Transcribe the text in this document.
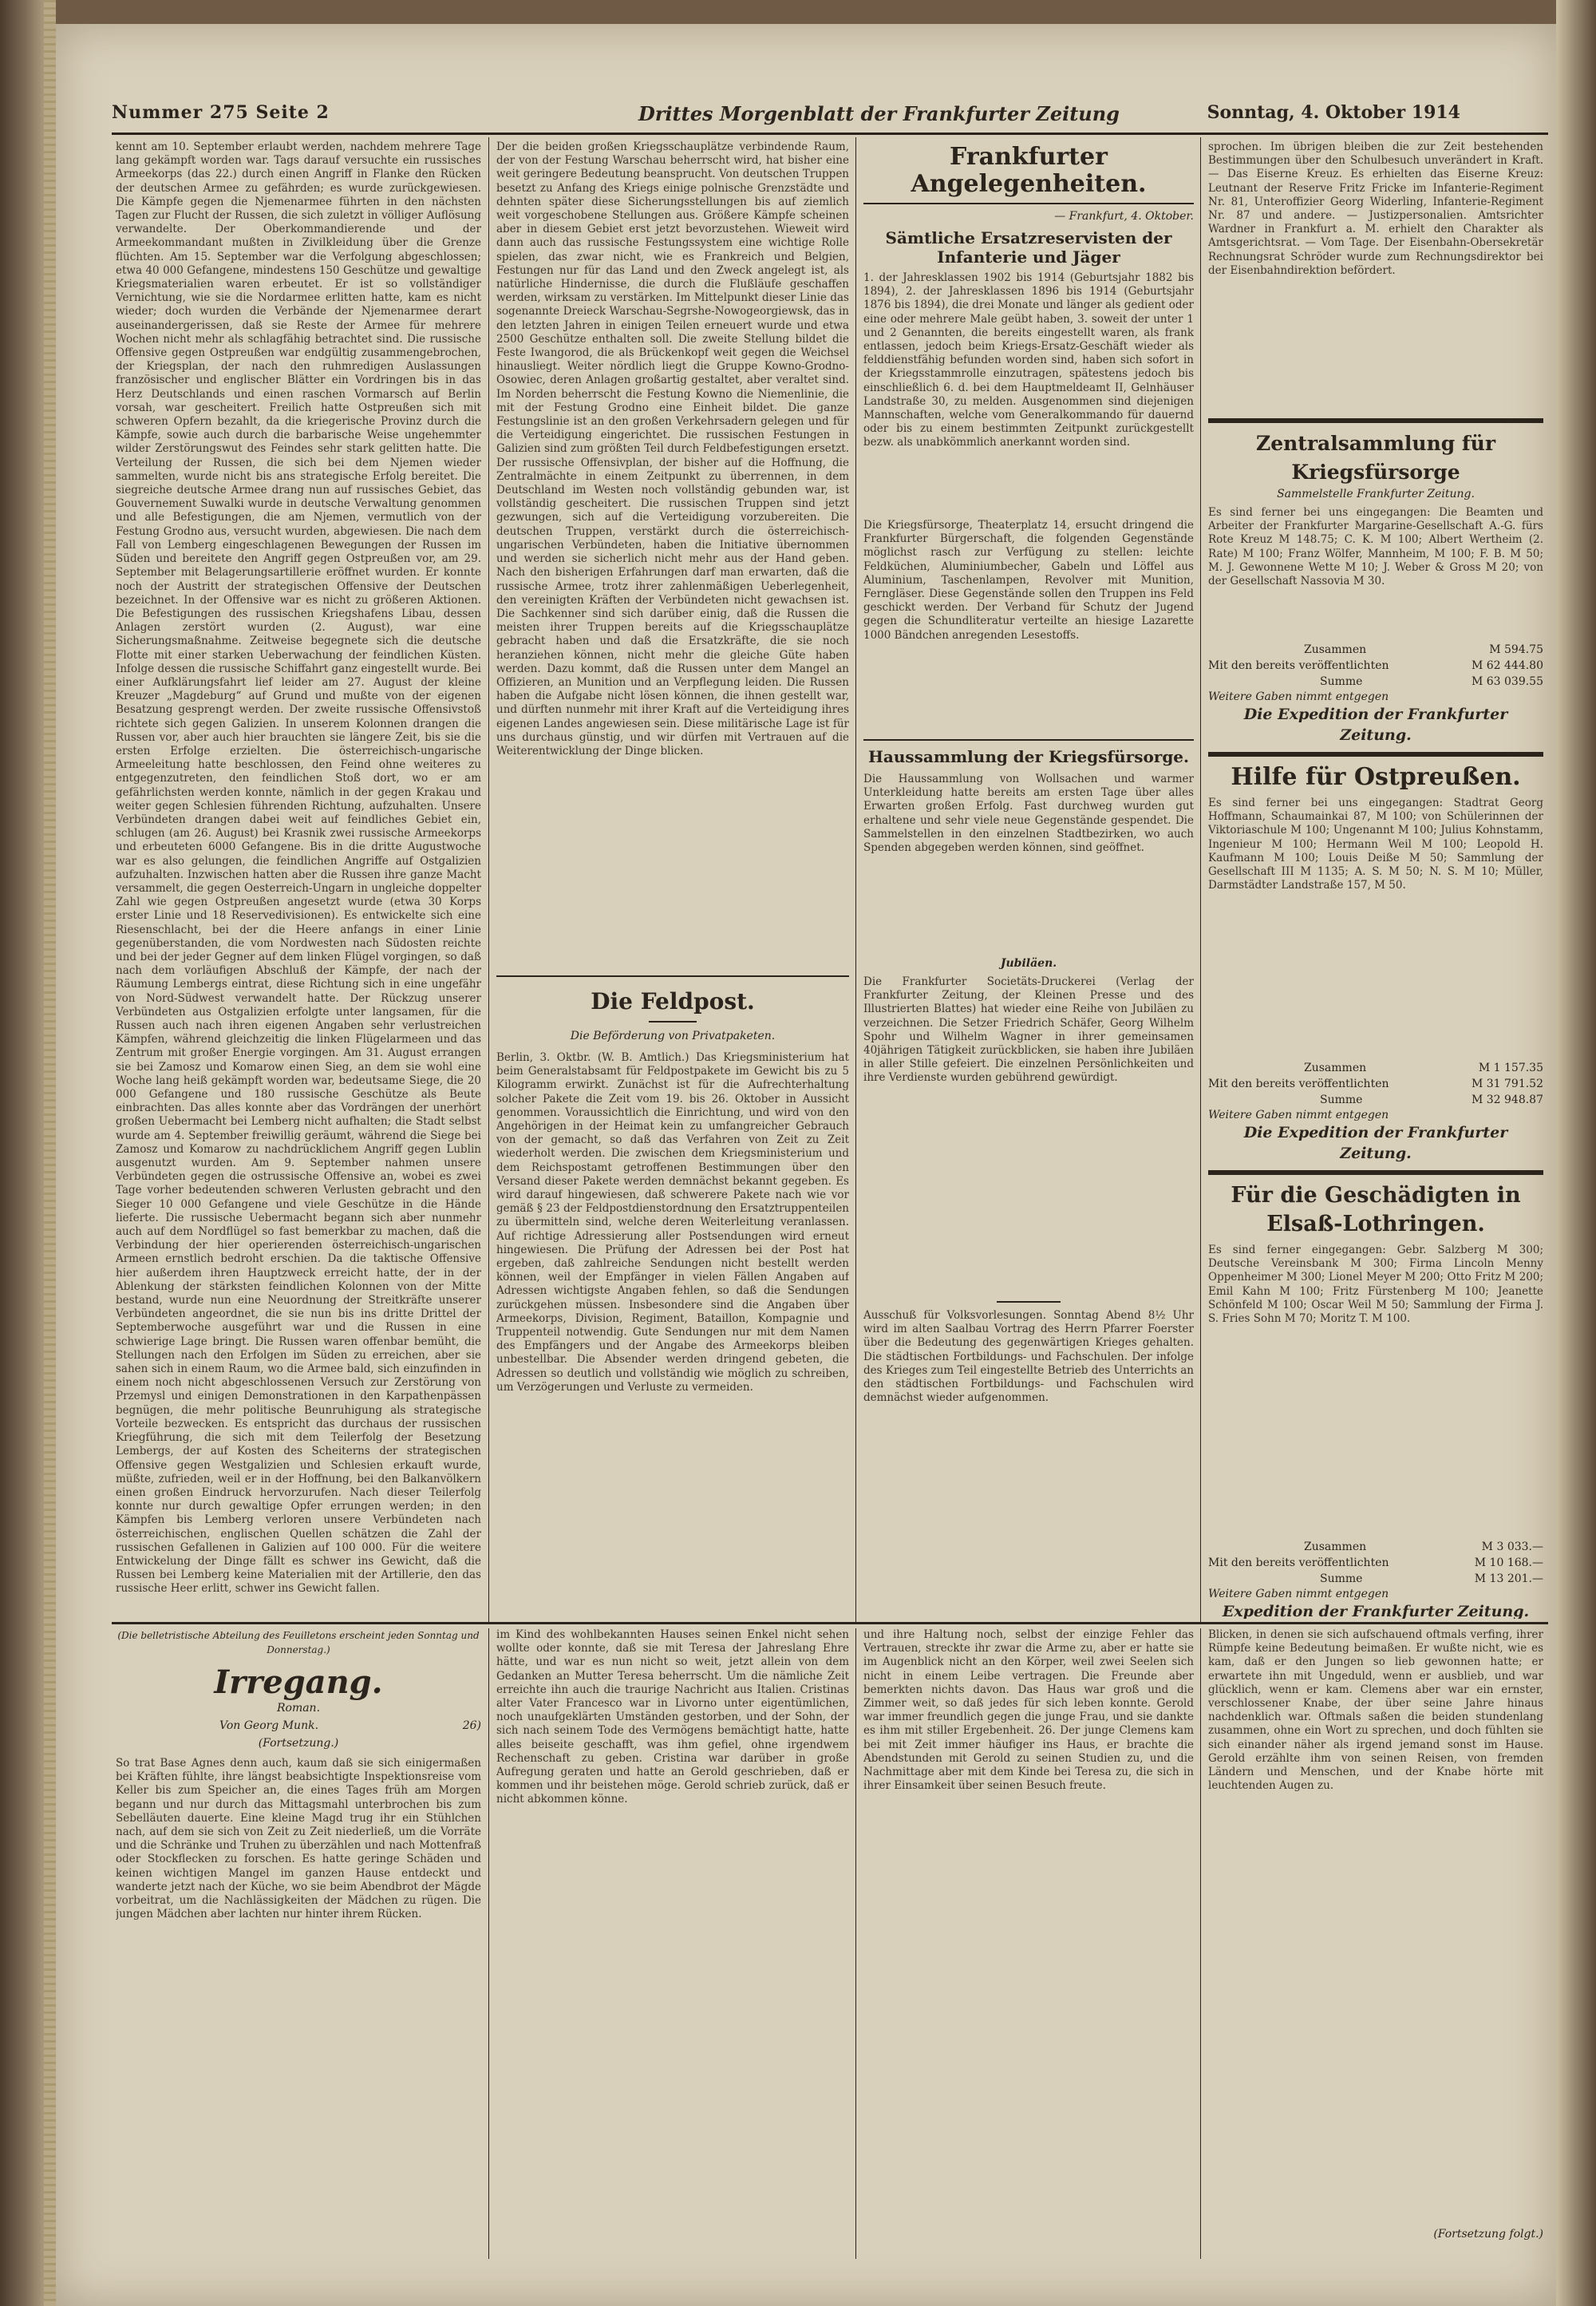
Nummer 275 Seite 2	Drittes Morgenblatt der Frankfurter Zeitung	Sonntag, 4. Oktober 1914
kennt am 10. September erlaubt werden, nachdem mehrere Tage lang gekämpft worden war. Tags darauf versuchte ein russisches Armeekorps (das 22.) durch einen Angriff in Flanke den Rücken der deutschen Armee zu gefährden; es wurde zurückgewiesen. Die Kämpfe gegen die Njemenarmee führten in den nächsten Tagen zur Flucht der Russen, die sich zuletzt in völliger Auflösung verwandelte. Der Oberkommandierende und der Armeekommandant mußten in Zivilkleidung über die Grenze flüchten. Am 15. September war die Verfolgung abgeschlossen; etwa 40 000 Gefangene, mindestens 150 Geschütze und gewaltige Kriegsmaterialien waren erbeutet. Er ist so vollständiger Vernichtung, wie sie die Nordarmee erlitten hatte, kam es nicht wieder; doch wurden die Verbände der Njemenarmee derart auseinandergerissen, daß sie Reste der Armee für mehrere Wochen nicht mehr als schlagfähig betrachtet sind. Die russische Offensive gegen Ostpreußen war endgültig zusammengebrochen, der Kriegsplan, der nach den ruhmredigen Auslassungen französischer und englischer Blätter ein Vordringen bis in das Herz Deutschlands und einen raschen Vormarsch auf Berlin vorsah, war gescheitert. Freilich hatte Ostpreußen sich mit schweren Opfern bezahlt, da die kriegerische Provinz durch die Kämpfe, sowie auch durch die barbarische Weise ungehemmter wilder Zerstörungswut des Feindes sehr stark gelitten hatte. Die Verteilung der Russen, die sich bei dem Njemen wieder sammelten, wurde nicht bis ans strategische Erfolg bereitet. Die siegreiche deutsche Armee drang nun auf russisches Gebiet, das Gouvernement Suwalki wurde in deutsche Verwaltung genommen und alle Befestigungen, die am Njemen, vermutlich von der Festung Grodno aus, versucht wurden, abgewiesen. Die nach dem Fall von Lemberg eingeschlagenen Bewegungen der Russen im Süden und bereitete den Angriff gegen Ostpreußen vor, am 29. September mit Belagerungsartillerie eröffnet wurden. Er konnte noch der Austritt der strategischen Offensive der Deutschen bezeichnet. In der Offensive war es nicht zu größeren Aktionen. Die Befestigungen des russischen Kriegshafens Libau, dessen Anlagen zerstört wurden (2. August), war eine Sicherungsmaßnahme. Zeitweise begegnete sich die deutsche Flotte mit einer starken Ueberwachung der feindlichen Küsten. Infolge dessen die russische Schiffahrt ganz eingestellt wurde. Bei einer Aufklärungsfahrt lief leider am 27. August der kleine Kreuzer „Magdeburg“ auf Grund und mußte von der eigenen Besatzung gesprengt werden. Der zweite russische Offensivstoß richtete sich gegen Galizien. In unserem Kolonnen drangen die Russen vor, aber auch hier brauchten sie längere Zeit, bis sie die ersten Erfolge erzielten. Die österreichisch-ungarische Armeeleitung hatte beschlossen, den Feind ohne weiteres zu entgegenzutreten, den feindlichen Stoß dort, wo er am gefährlichsten werden konnte, nämlich in der gegen Krakau und weiter gegen Schlesien führenden Richtung, aufzuhalten. Unsere Verbündeten drangen dabei weit auf feindliches Gebiet ein, schlugen (am 26. August) bei Krasnik zwei russische Armeekorps und erbeuteten 6000 Gefangene. Bis in die dritte Augustwoche war es also gelungen, die feindlichen Angriffe auf Ostgalizien aufzuhalten. Inzwischen hatten aber die Russen ihre ganze Macht versammelt, die gegen Oesterreich-Ungarn in ungleiche doppelter Zahl wie gegen Ostpreußen angesetzt wurde (etwa 30 Korps erster Linie und 18 Reservedivisionen). Es entwickelte sich eine Riesenschlacht, bei der die Heere anfangs in einer Linie gegenüberstanden, die vom Nordwesten nach Südosten reichte und bei der jeder Gegner auf dem linken Flügel vorgingen, so daß nach dem vorläufigen Abschluß der Kämpfe, der nach der Räumung Lembergs eintrat, diese Richtung sich in eine ungefähr von Nord-Südwest verwandelt hatte. Der Rückzug unserer Verbündeten aus Ostgalizien erfolgte unter langsamen, für die Russen auch nach ihren eigenen Angaben sehr verlustreichen Kämpfen, während gleichzeitig die linken Flügelarmeen und das Zentrum mit großer Energie vorgingen. Am 31. August errangen sie bei Zamosz und Komarow einen Sieg, an dem sie wohl eine Woche lang heiß gekämpft worden war, bedeutsame Siege, die 20 000 Gefangene und 180 russische Geschütze als Beute einbrachten. Das alles konnte aber das Vordrängen der unerhört großen Uebermacht bei Lemberg nicht aufhalten; die Stadt selbst wurde am 4. September freiwillig geräumt, während die Siege bei Zamosz und Komarow zu nachdrücklichem Angriff gegen Lublin ausgenutzt wurden. Am 9. September nahmen unsere Verbündeten gegen die ostrussische Offensive an, wobei es zwei Tage vorher bedeutenden schweren Verlusten gebracht und den Sieger 10 000 Gefangene und viele Geschütze in die Hände lieferte. Die russische Uebermacht begann sich aber nunmehr auch auf dem Nordflügel so fast bemerkbar zu machen, daß die Verbindung der hier operierenden österreichisch-ungarischen Armeen ernstlich bedroht erschien. Da die taktische Offensive hier außerdem ihren Hauptzweck erreicht hatte, der in der Ablenkung der stärksten feindlichen Kolonnen von der Mitte bestand, wurde nun eine Neuordnung der Streitkräfte unserer Verbündeten angeordnet, die sie nun bis ins dritte Drittel der Septemberwoche ausgeführt war und die Russen in eine schwierige Lage bringt. Die Russen waren offenbar bemüht, die Stellungen nach den Erfolgen im Süden zu erreichen, aber sie sahen sich in einem Raum, wo die Armee bald, sich einzufinden in einem noch nicht abgeschlossenen Versuch zur Zerstörung von Przemysl und einigen Demonstrationen in den Karpathenpässen begnügen, die mehr politische Beunruhigung als strategische Vorteile bezwecken. Es entspricht das durchaus der russischen Kriegführung, die sich mit dem Teilerfolg der Besetzung Lembergs, der auf Kosten des Scheiterns der strategischen Offensive gegen Westgalizien und Schlesien erkauft wurde, müßte, zufrieden, weil er in der Hoffnung, bei den Balkanvölkern einen großen Eindruck hervorzurufen. Nach dieser Teilerfolg konnte nur durch gewaltige Opfer errungen werden; in den Kämpfen bis Lemberg verloren unsere Verbündeten nach österreichischen, englischen Quellen schätzen die Zahl der russischen Gefallenen in Galizien auf 100 000. Für die weitere Entwickelung der Dinge fällt es schwer ins Gewicht, daß die Russen bei Lemberg keine Materialien mit der Artillerie, den das russische Heer erlitt, schwer ins Gewicht fallen.
Der die beiden großen Kriegsschauplätze verbindende Raum, der von der Festung Warschau beherrscht wird, hat bisher eine weit geringere Bedeutung beansprucht. Von deutschen Truppen besetzt zu Anfang des Kriegs einige polnische Grenzstädte und dehnten später diese Sicherungsstellungen bis auf ziemlich weit vorgeschobene Stellungen aus. Größere Kämpfe scheinen aber in diesem Gebiet erst jetzt bevorzustehen. Wieweit wird dann auch das russische Festungssystem eine wichtige Rolle spielen, das zwar nicht, wie es Frankreich und Belgien, Festungen nur für das Land und den Zweck angelegt ist, als natürliche Hindernisse, die durch die Flußläufe geschaffen werden, wirksam zu verstärken. Im Mittelpunkt dieser Linie das sogenannte Dreieck Warschau-Segrshe-Nowogeorgiewsk, das in den letzten Jahren in einigen Teilen erneuert wurde und etwa 2500 Geschütze enthalten soll. Die zweite Stellung bildet die Feste Iwangorod, die als Brückenkopf weit gegen die Weichsel hinausliegt. Weiter nördlich liegt die Gruppe Kowno-Grodno-Osowiec, deren Anlagen großartig gestaltet, aber veraltet sind. Im Norden beherrscht die Festung Kowno die Niemenlinie, die mit der Festung Grodno eine Einheit bildet. Die ganze Festungslinie ist an den großen Verkehrsadern gelegen und für die Verteidigung eingerichtet. Die russischen Festungen in Galizien sind zum größten Teil durch Feldbefestigungen ersetzt. Der russische Offensivplan, der bisher auf die Hoffnung, die Zentralmächte in einem Zeitpunkt zu überrennen, in dem Deutschland im Westen noch vollständig gebunden war, ist vollständig gescheitert. Die russischen Truppen sind jetzt gezwungen, sich auf die Verteidigung vorzubereiten. Die deutschen Truppen, verstärkt durch die österreichisch-ungarischen Verbündeten, haben die Initiative übernommen und werden sie sicherlich nicht mehr aus der Hand geben. Nach den bisherigen Erfahrungen darf man erwarten, daß die russische Armee, trotz ihrer zahlenmäßigen Ueberlegenheit, den vereinigten Kräften der Verbündeten nicht gewachsen ist. Die Sachkenner sind sich darüber einig, daß die Russen die meisten ihrer Truppen bereits auf die Kriegsschauplätze gebracht haben und daß die Ersatzkräfte, die sie noch heranziehen können, nicht mehr die gleiche Güte haben werden. Dazu kommt, daß die Russen unter dem Mangel an Offizieren, an Munition und an Verpflegung leiden. Die Russen haben die Aufgabe nicht lösen können, die ihnen gestellt war, und dürften nunmehr mit ihrer Kraft auf die Verteidigung ihres eigenen Landes angewiesen sein. Diese militärische Lage ist für uns durchaus günstig, und wir dürfen mit Vertrauen auf die Weiterentwicklung der Dinge blicken.
Die Feldpost.
Die Beförderung von Privatpaketen.
Berlin, 3. Oktbr. (W. B. Amtlich.) Das Kriegsministerium hat beim Generalstabsamt für Feldpostpakete im Gewicht bis zu 5 Kilogramm erwirkt. Zunächst ist für die Aufrechterhaltung solcher Pakete die Zeit vom 19. bis 26. Oktober in Aussicht genommen. Voraussichtlich die Einrichtung, und wird von den Angehörigen in der Heimat kein zu umfangreicher Gebrauch von der gemacht, so daß das Verfahren von Zeit zu Zeit wiederholt werden. Die zwischen dem Kriegsministerium und dem Reichspostamt getroffenen Bestimmungen über den Versand dieser Pakete werden demnächst bekannt gegeben. Es wird darauf hingewiesen, daß schwerere Pakete nach wie vor gemäß § 23 der Feldpostdienstordnung den Ersatztruppenteilen zu übermitteln sind, welche deren Weiterleitung veranlassen. Auf richtige Adressierung aller Postsendungen wird erneut hingewiesen. Die Prüfung der Adressen bei der Post hat ergeben, daß zahlreiche Sendungen nicht bestellt werden können, weil der Empfänger in vielen Fällen Angaben auf Adressen wichtigste Angaben fehlen, so daß die Sendungen zurückgehen müssen. Insbesondere sind die Angaben über Armeekorps, Division, Regiment, Bataillon, Kompagnie und Truppenteil notwendig. Gute Sendungen nur mit dem Namen des Empfängers und der Angabe des Armeekorps bleiben unbestellbar. Die Absender werden dringend gebeten, die Adressen so deutlich und vollständig wie möglich zu schreiben, um Verzögerungen und Verluste zu vermeiden.
Frankfurter Angelegenheiten.
— Frankfurt, 4. Oktober.
Sämtliche Ersatzreservisten der Infanterie und Jäger
1. der Jahresklassen 1902 bis 1914 (Geburtsjahr 1882 bis 1894), 2. der Jahresklassen 1896 bis 1914 (Geburtsjahr 1876 bis 1894), die drei Monate und länger als gedient oder eine oder mehrere Male geübt haben, 3. soweit der unter 1 und 2 Genannten, die bereits eingestellt waren, als frank entlassen, jedoch beim Kriegs-Ersatz-Geschäft wieder als felddienstfähig befunden worden sind, haben sich sofort in der Kriegsstammrolle einzutragen, spätestens jedoch bis einschließlich 6. d. bei dem Hauptmeldeamt II, Gelnhäuser Landstraße 30, zu melden. Ausgenommen sind diejenigen Mannschaften, welche vom Generalkommando für dauernd oder bis zu einem bestimmten Zeitpunkt zurückgestellt bezw. als unabkömmlich anerkannt worden sind.
Die Kriegsfürsorge, Theaterplatz 14, ersucht dringend die Frankfurter Bürgerschaft, die folgenden Gegenstände möglichst rasch zur Verfügung zu stellen: leichte Feldküchen, Aluminiumbecher, Gabeln und Löffel aus Aluminium, Taschenlampen, Revolver mit Munition, Ferngläser. Diese Gegenstände sollen den Truppen ins Feld geschickt werden. Der Verband für Schutz der Jugend gegen die Schundliteratur verteilte an hiesige Lazarette 1000 Bändchen anregenden Lesestoffs.
Haussammlung der Kriegsfürsorge.
Die Haussammlung von Wollsachen und warmer Unterkleidung hatte bereits am ersten Tage über alles Erwarten großen Erfolg. Fast durchweg wurden gut erhaltene und sehr viele neue Gegenstände gespendet. Die Sammelstellen in den einzelnen Stadtbezirken, wo auch Spenden abgegeben werden können, sind geöffnet.
Jubiläen.
Die Frankfurter Societäts-Druckerei (Verlag der Frankfurter Zeitung, der Kleinen Presse und des Illustrierten Blattes) hat wieder eine Reihe von Jubiläen zu verzeichnen. Die Setzer Friedrich Schäfer, Georg Wilhelm Spohr und Wilhelm Wagner in ihrer gemeinsamen 40jährigen Tätigkeit zurückblicken, sie haben ihre Jubiläen in aller Stille gefeiert. Die einzelnen Persönlichkeiten und ihre Verdienste wurden gebührend gewürdigt.
Ausschuß für Volksvorlesungen. Sonntag Abend 8½ Uhr wird im alten Saalbau Vortrag des Herrn Pfarrer Foerster über die Bedeutung des gegenwärtigen Krieges gehalten. Die städtischen Fortbildungs- und Fachschulen. Der infolge des Krieges zum Teil eingestellte Betrieb des Unterrichts an den städtischen Fortbildungs- und Fachschulen wird demnächst wieder aufgenommen.
sprochen. Im übrigen bleiben die zur Zeit bestehenden Bestimmungen über den Schulbesuch unverändert in Kraft. — Das Eiserne Kreuz. Es erhielten das Eiserne Kreuz: Leutnant der Reserve Fritz Fricke im Infanterie-Regiment Nr. 81, Unteroffizier Georg Widerling, Infanterie-Regiment Nr. 87 und andere. — Justizpersonalien. Amtsrichter Wardner in Frankfurt a. M. erhielt den Charakter als Amtsgerichtsrat. — Vom Tage. Der Eisenbahn-Obersekretär Rechnungsrat Schröder wurde zum Rechnungsdirektor bei der Eisenbahndirektion befördert.
Zentralsammlung für Kriegsfürsorge
Sammelstelle Frankfurter Zeitung.
Es sind ferner bei uns eingegangen: Die Beamten und Arbeiter der Frankfurter Margarine-Gesellschaft A.-G. fürs Rote Kreuz M 148.75; C. K. M 100; Albert Wertheim (2. Rate) M 100; Franz Wölfer, Mannheim, M 100; F. B. M 50; M. J. Gewonnene Wette M 10; J. Weber & Gross M 20; von der Gesellschaft Nassovia M 30.
Zusammen	M 594.75
Mit den bereits veröffentlichten	M 62 444.80
Summe	M 63 039.55
Weitere Gaben nimmt entgegen
Die Expedition der Frankfurter Zeitung.
Hilfe für Ostpreußen.
Es sind ferner bei uns eingegangen: Stadtrat Georg Hoffmann, Schaumainkai 87, M 100; von Schülerinnen der Viktoriaschule M 100; Ungenannt M 100; Julius Kohnstamm, Ingenieur M 100; Hermann Weil M 100; Leopold H. Kaufmann M 100; Louis Deiße M 50; Sammlung der Gesellschaft III M 1135; A. S. M 50; N. S. M 10; Müller, Darmstädter Landstraße 157, M 50.
Zusammen	M 1 157.35
Mit den bereits veröffentlichten	M 31 791.52
Summe	M 32 948.87
Weitere Gaben nimmt entgegen
Die Expedition der Frankfurter Zeitung.
Für die Geschädigten in Elsaß-Lothringen.
Es sind ferner eingegangen: Gebr. Salzberg M 300; Deutsche Vereinsbank M 300; Firma Lincoln Menny Oppenheimer M 300; Lionel Meyer M 200; Otto Fritz M 200; Emil Kahn M 100; Fritz Fürstenberg M 100; Jeanette Schönfeld M 100; Oscar Weil M 50; Sammlung der Firma J. S. Fries Sohn M 70; Moritz T. M 100.
Zusammen	M 3 033.—
Mit den bereits veröffentlichten	M 10 168.—
Summe	M 13 201.—
Weitere Gaben nimmt entgegen
Expedition der Frankfurter Zeitung.
(Die belletristische Abteilung des Feuilletons erscheint jeden Sonntag und Donnerstag.)
Irregang.
Roman.
Von Georg Munk.	26)
(Fortsetzung.)
So trat Base Agnes denn auch, kaum daß sie sich einigermaßen bei Kräften fühlte, ihre längst beabsichtigte Inspektionsreise vom Keller bis zum Speicher an, die eines Tages früh am Morgen begann und nur durch das Mittagsmahl unterbrochen bis zum Sebelläuten dauerte. Eine kleine Magd trug ihr ein Stühlchen nach, auf dem sie sich von Zeit zu Zeit niederließ, um die Vorräte und die Schränke und Truhen zu überzählen und nach Mottenfraß oder Stockflecken zu forschen. Es hatte geringe Schäden und keinen wichtigen Mangel im ganzen Hause entdeckt und wanderte jetzt nach der Küche, wo sie beim Abendbrot der Mägde vorbeitrat, um die Nachlässigkeiten der Mädchen zu rügen. Die jungen Mädchen aber lachten nur hinter ihrem Rücken.
im Kind des wohlbekannten Hauses seinen Enkel nicht sehen wollte oder konnte, daß sie mit Teresa der Jahreslang Ehre hätte, und war es nun nicht so weit, jetzt allein von dem Gedanken an Mutter Teresa beherrscht. Um die nämliche Zeit erreichte ihn auch die traurige Nachricht aus Italien. Cristinas alter Vater Francesco war in Livorno unter eigentümlichen, noch unaufgeklärten Umständen gestorben, und der Sohn, der sich nach seinem Tode des Vermögens bemächtigt hatte, hatte alles beiseite geschafft, was ihm gefiel, ohne irgendwem Rechenschaft zu geben. Cristina war darüber in große Aufregung geraten und hatte an Gerold geschrieben, daß er kommen und ihr beistehen möge. Gerold schrieb zurück, daß er nicht abkommen könne.
und ihre Haltung noch, selbst der einzige Fehler das Vertrauen, streckte ihr zwar die Arme zu, aber er hatte sie im Augenblick nicht an den Körper, weil zwei Seelen sich nicht in einem Leibe vertragen. Die Freunde aber bemerkten nichts davon. Das Haus war groß und die Zimmer weit, so daß jedes für sich leben konnte. Gerold war immer freundlich gegen die junge Frau, und sie dankte es ihm mit stiller Ergebenheit. 26. Der junge Clemens kam bei mit Zeit immer häufiger ins Haus, er brachte die Abendstunden mit Gerold zu seinen Studien zu, und die Nachmittage aber mit dem Kinde bei Teresa zu, die sich in ihrer Einsamkeit über seinen Besuch freute.
Blicken, in denen sie sich aufschauend oftmals verfing, ihrer Rümpfe keine Bedeutung beimaßen. Er wußte nicht, wie es kam, daß er den Jungen so lieb gewonnen hatte; er erwartete ihn mit Ungeduld, wenn er ausblieb, und war glücklich, wenn er kam. Clemens aber war ein ernster, verschlossener Knabe, der über seine Jahre hinaus nachdenklich war. Oftmals saßen die beiden stundenlang zusammen, ohne ein Wort zu sprechen, und doch fühlten sie sich einander näher als irgend jemand sonst im Hause. Gerold erzählte ihm von seinen Reisen, von fremden Ländern und Menschen, und der Knabe hörte mit leuchtenden Augen zu.
(Fortsetzung folgt.)
